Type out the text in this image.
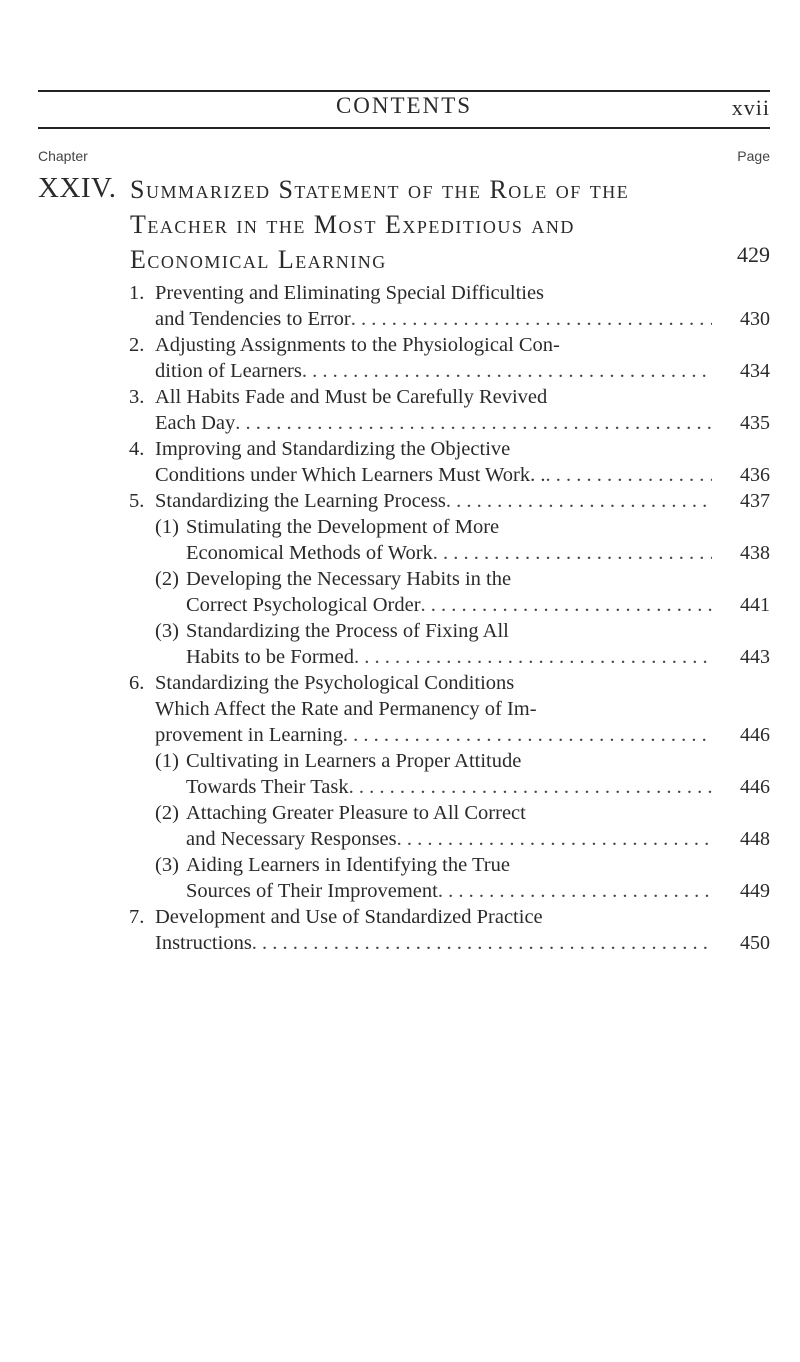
CONTENTS	xvii
Chapter	Page
XXIV. Summarized Statement of the Role of the Teacher in the Most Expeditious and Economical Learning	429
1. Preventing and Eliminating Special Difficulties
and Tendencies to Error . . .	430
2. Adjusting Assignments to the Physiological Con-
dition of Learners . . .	434
3. All Habits Fade and Must be Carefully Revived
Each Day . . .	435
4. Improving and Standardizing the Objective
Conditions under Which Learners Must Work. . . . .	436
5. Standardizing the Learning Process . . .	437
(1) Stimulating the Development of More
Economical Methods of Work . . .	438
(2) Developing the Necessary Habits in the
Correct Psychological Order . . .	441
(3) Standardizing the Process of Fixing All
Habits to be Formed . . .	443
6. Standardizing the Psychological Conditions
Which Affect the Rate and Permanency of Im-
provement in Learning . . .	446
(1) Cultivating in Learners a Proper Attitude
Towards Their Task . . .	446
(2) Attaching Greater Pleasure to All Correct
and Necessary Responses . . .	448
(3) Aiding Learners in Identifying the True
Sources of Their Improvement . . .	449
7. Development and Use of Standardized Practice
Instructions . . .	450
